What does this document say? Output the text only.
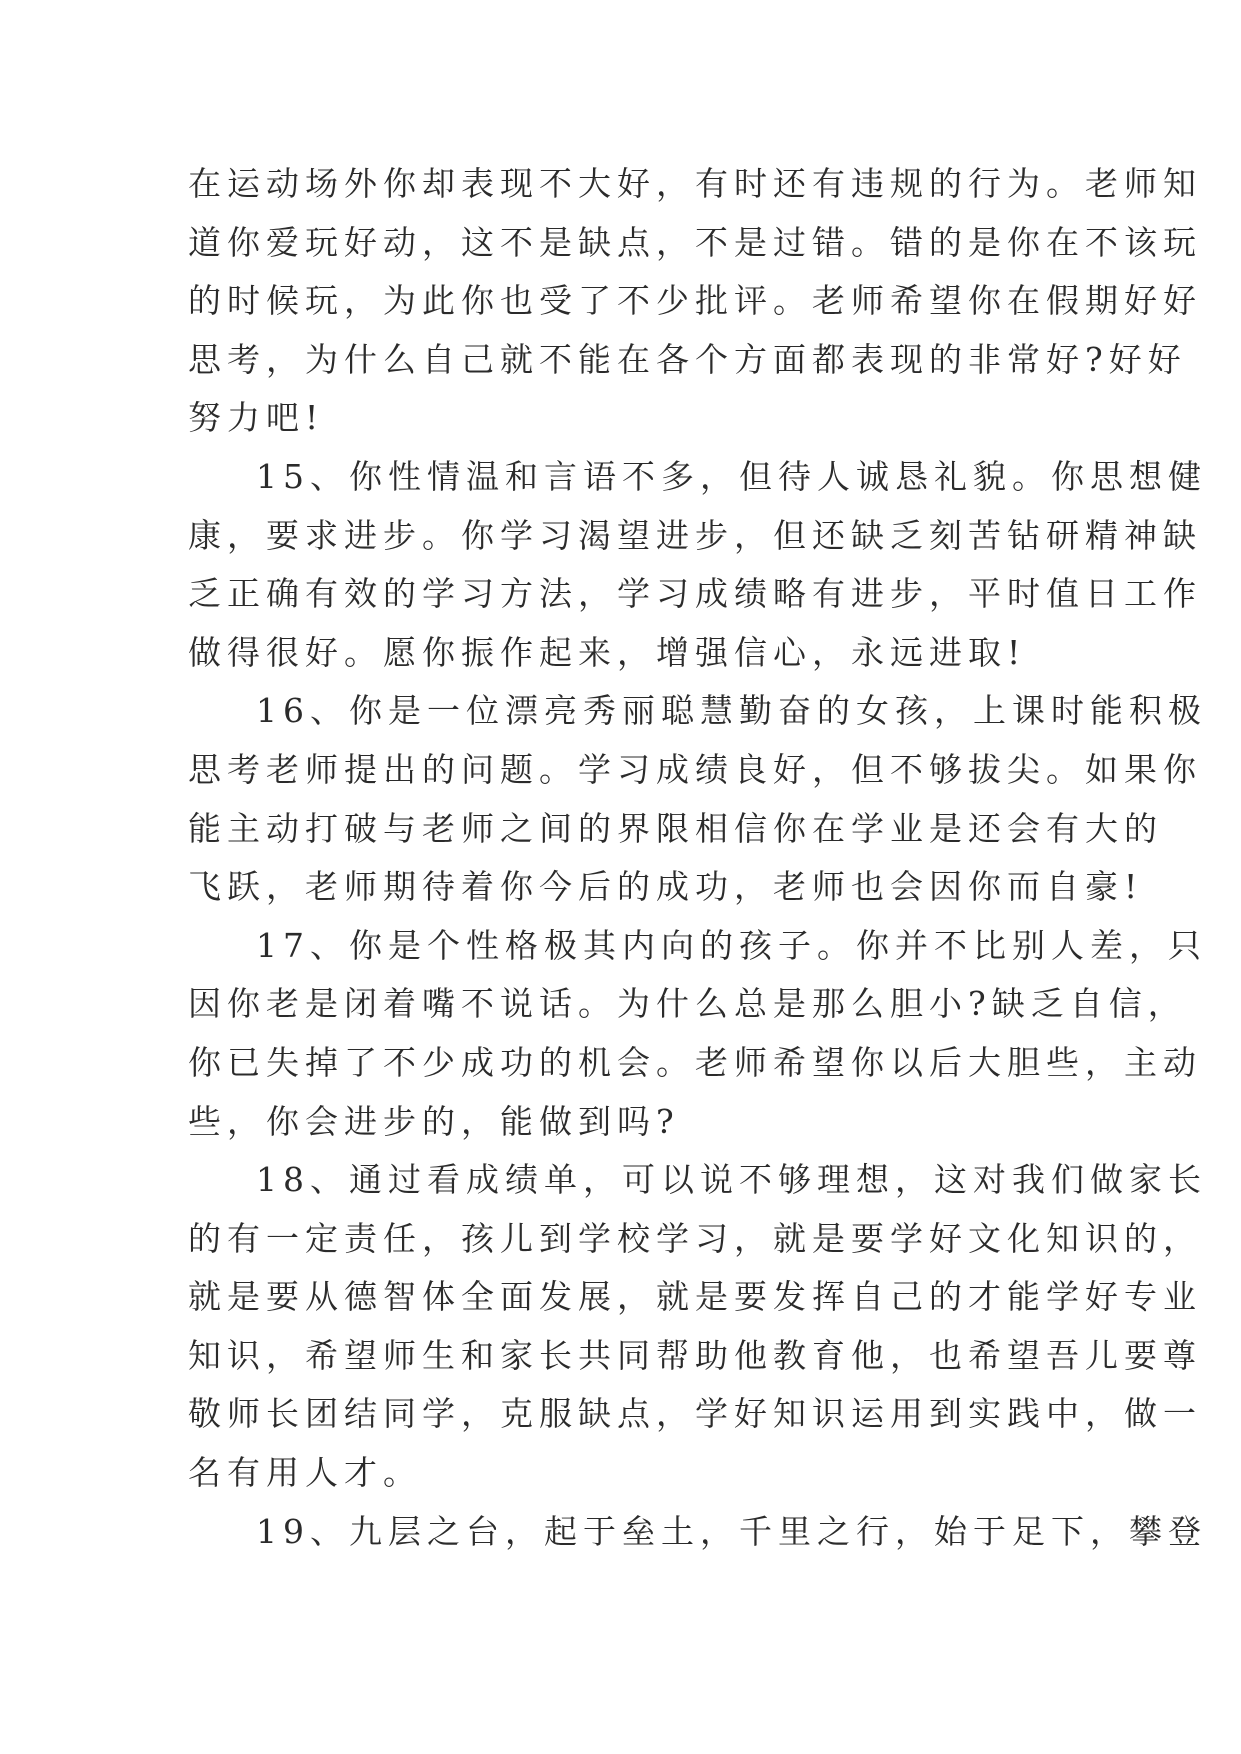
在运动场外你却表现不大好，有时还有违规的行为。老师知
道你爱玩好动，这不是缺点，不是过错。错的是你在不该玩
的时候玩，为此你也受了不少批评。老师希望你在假期好好
思考，为什么自己就不能在各个方面都表现的非常好?好好
努力吧!
15、你性情温和言语不多，但待人诚恳礼貌。你思想健
康，要求进步。你学习渴望进步，但还缺乏刻苦钻研精神缺
乏正确有效的学习方法，学习成绩略有进步，平时值日工作
做得很好。愿你振作起来，增强信心，永远进取!
16、你是一位漂亮秀丽聪慧勤奋的女孩，上课时能积极
思考老师提出的问题。学习成绩良好，但不够拔尖。如果你
能主动打破与老师之间的界限相信你在学业是还会有大的
飞跃，老师期待着你今后的成功，老师也会因你而自豪!
17、你是个性格极其内向的孩子。你并不比别人差，只
因你老是闭着嘴不说话。为什么总是那么胆小?缺乏自信，
你已失掉了不少成功的机会。老师希望你以后大胆些，主动
些，你会进步的，能做到吗?
18、通过看成绩单，可以说不够理想，这对我们做家长
的有一定责任，孩儿到学校学习，就是要学好文化知识的，
就是要从德智体全面发展，就是要发挥自己的才能学好专业
知识，希望师生和家长共同帮助他教育他，也希望吾儿要尊
敬师长团结同学，克服缺点，学好知识运用到实践中，做一
名有用人才。
19、九层之台，起于垒土，千里之行，始于足下，攀登
